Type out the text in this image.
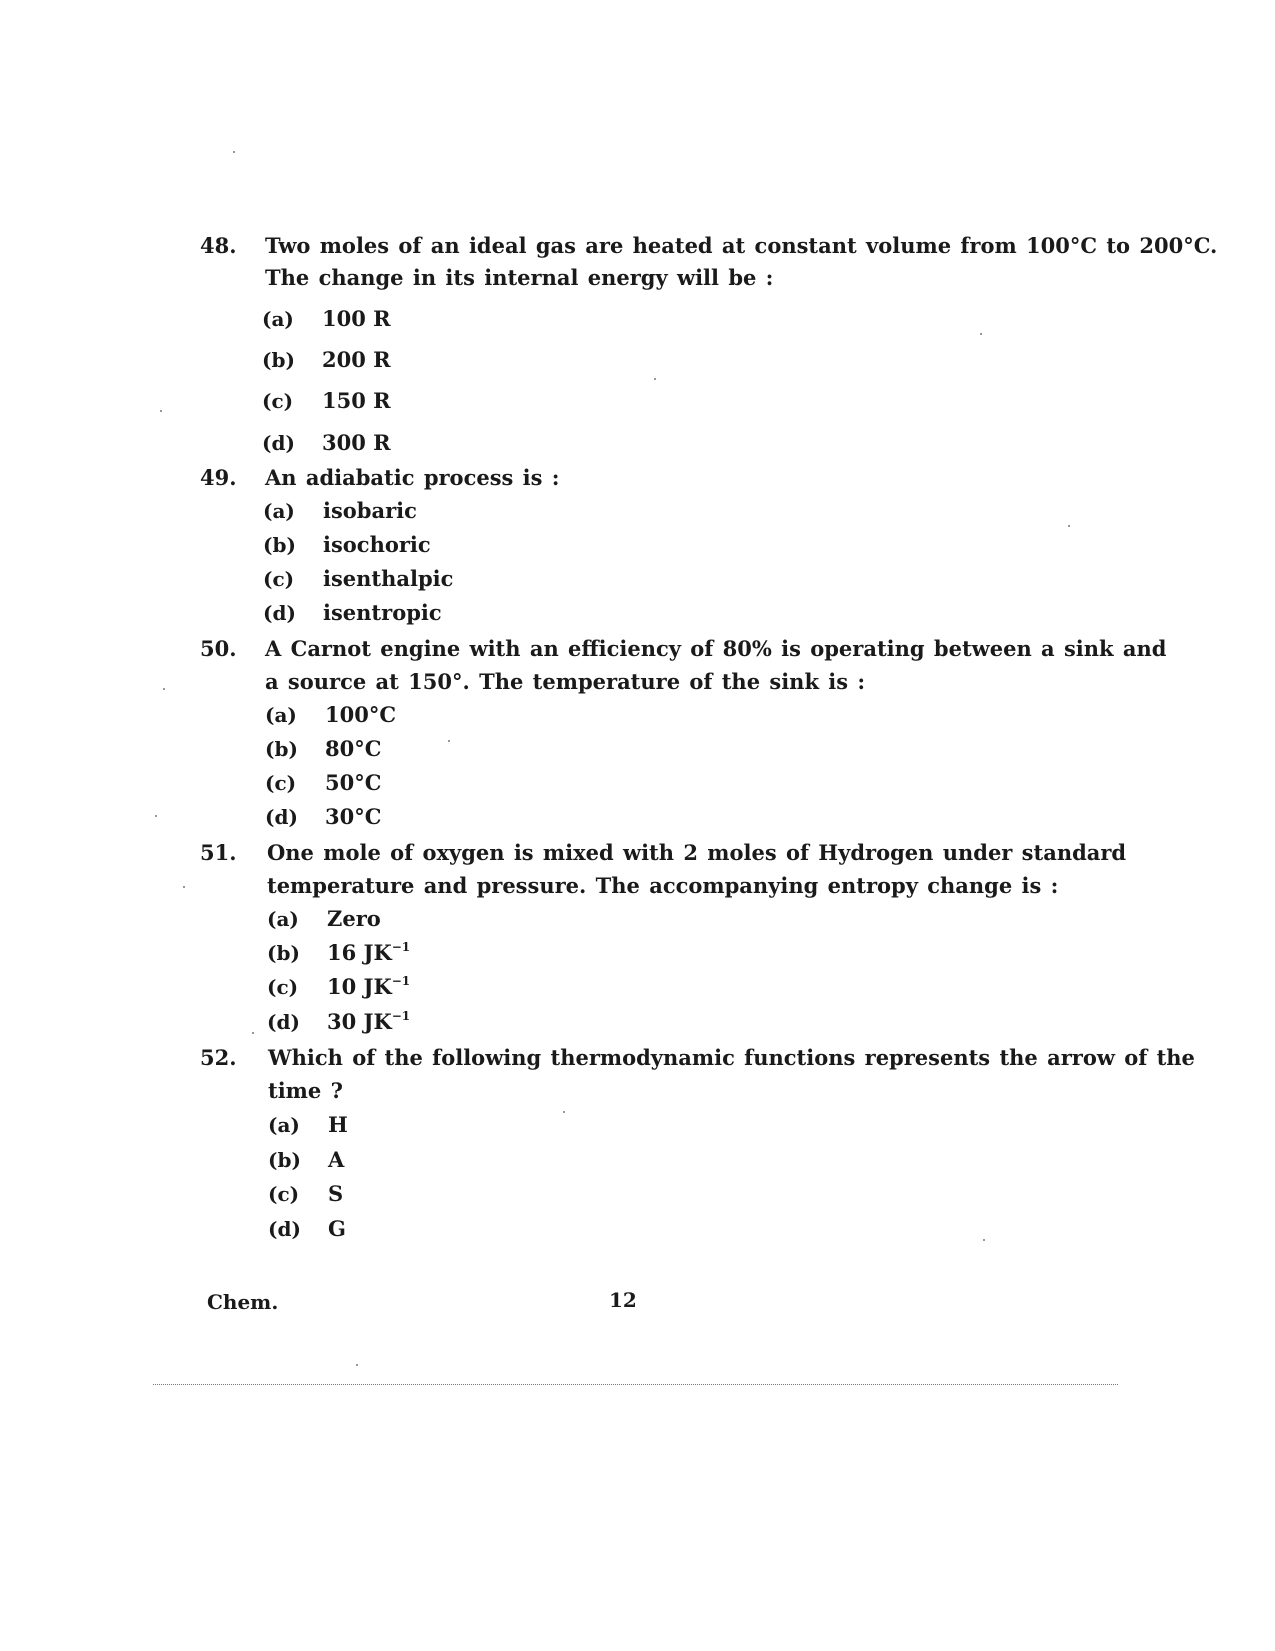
48. Two moles of an ideal gas are heated at constant volume from 100°C to 200°C.
The change in its internal energy will be :
(a) 100 R
(b) 200 R
(c) 150 R
(d) 300 R
49. An adiabatic process is :
(a) isobaric
(b) isochoric
(c) isenthalpic
(d) isentropic
50. A Carnot engine with an efficiency of 80% is operating between a sink and
a source at 150°. The temperature of the sink is :
(a) 100°C
(b) 80°C
(c) 50°C
(d) 30°C
51. One mole of oxygen is mixed with 2 moles of Hydrogen under standard
temperature and pressure. The accompanying entropy change is :
(a) Zero
(b) 16 $JK^{-1}$
(c) 10 $JK^{-1}$
(d) 30 $JK^{-1}$
52. Which of the following thermodynamic functions represents the arrow of the
time ?
(a) H
(b) A
(c) S
(d) G
Chem.	12
